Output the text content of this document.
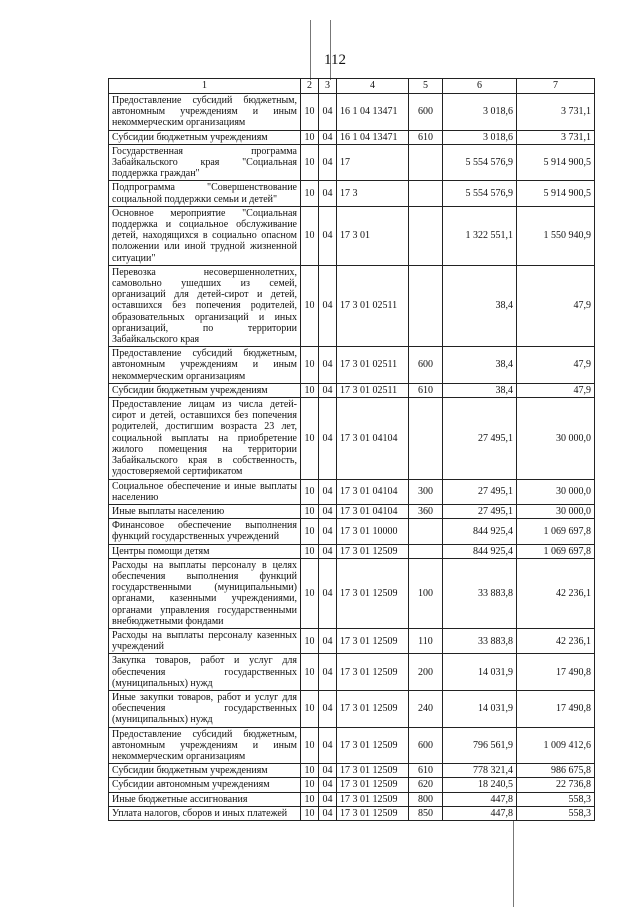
112
1	2	3	4	5	6	7
Предоставление субсидий бюджетным, автономным учреждениям и иным некоммерческим организациям	10	04	16 1 04 13471	600	3 018,6	3 731,1
Субсидии бюджетным учреждениям	10	04	16 1 04 13471	610	3 018,6	3 731,1
Государственная программа Забайкальского края "Социальная поддержка граждан"	10	04	17		5 554 576,9	5 914 900,5
Подпрограмма "Совершенствование социальной поддержки семьи и детей"	10	04	17 3		5 554 576,9	5 914 900,5
Основное мероприятие "Социальная поддержка и социальное обслуживание детей, находящихся в социально опасном положении или иной трудной жизненной ситуации"	10	04	17 3 01		1 322 551,1	1 550 940,9
Перевозка несовершеннолетних, самовольно ушедших из семей, организаций для детей-сирот и детей, оставшихся без попечения родителей, образовательных организаций и иных организаций, по территории Забайкальского края	10	04	17 3 01 02511		38,4	47,9
Предоставление субсидий бюджетным, автономным учреждениям и иным некоммерческим организациям	10	04	17 3 01 02511	600	38,4	47,9
Субсидии бюджетным учреждениям	10	04	17 3 01 02511	610	38,4	47,9
Предоставление лицам из числа детей-сирот и детей, оставшихся без попечения родителей, достигшим возраста 23 лет, социальной выплаты на приобретение жилого помещения на территории Забайкальского края в собственность, удостоверяемой сертификатом	10	04	17 3 01 04104		27 495,1	30 000,0
Социальное обеспечение и иные выплаты населению	10	04	17 3 01 04104	300	27 495,1	30 000,0
Иные выплаты населению	10	04	17 3 01 04104	360	27 495,1	30 000,0
Финансовое обеспечение выполнения функций государственных учреждений	10	04	17 3 01 10000		844 925,4	1 069 697,8
Центры помощи детям	10	04	17 3 01 12509		844 925,4	1 069 697,8
Расходы на выплаты персоналу в целях обеспечения выполнения функций государственными (муниципальными) органами, казенными учреждениями, органами управления государственными внебюджетными фондами	10	04	17 3 01 12509	100	33 883,8	42 236,1
Расходы на выплаты персоналу казенных учреждений	10	04	17 3 01 12509	110	33 883,8	42 236,1
Закупка товаров, работ и услуг для обеспечения государственных (муниципальных) нужд	10	04	17 3 01 12509	200	14 031,9	17 490,8
Иные закупки товаров, работ и услуг для обеспечения государственных (муниципальных) нужд	10	04	17 3 01 12509	240	14 031,9	17 490,8
Предоставление субсидий бюджетным, автономным учреждениям и иным некоммерческим организациям	10	04	17 3 01 12509	600	796 561,9	1 009 412,6
Субсидии бюджетным учреждениям	10	04	17 3 01 12509	610	778 321,4	986 675,8
Субсидии автономным учреждениям	10	04	17 3 01 12509	620	18 240,5	22 736,8
Иные бюджетные ассигнования	10	04	17 3 01 12509	800	447,8	558,3
Уплата налогов, сборов и иных платежей	10	04	17 3 01 12509	850	447,8	558,3
